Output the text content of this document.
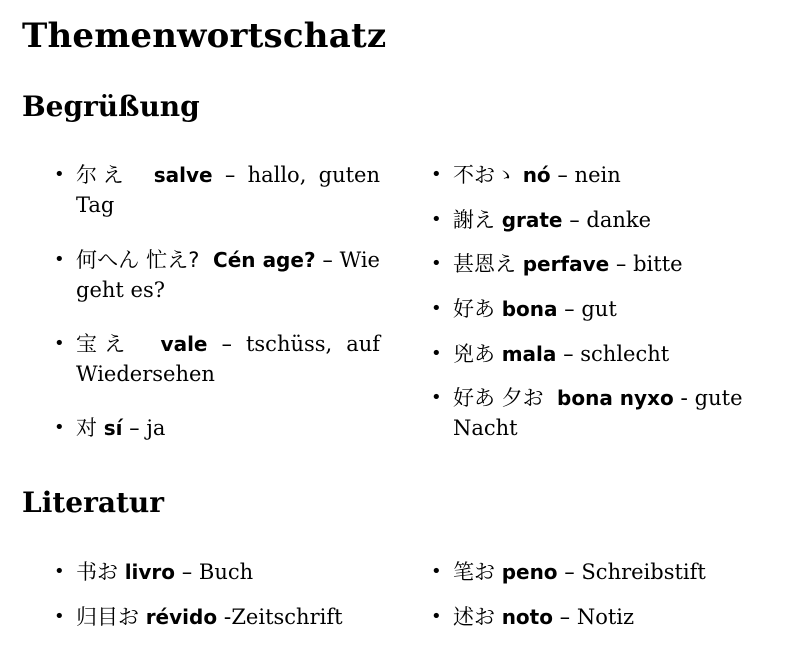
Themenwortschatz
Begrüßung
• 尔え salve – hallo, guten Tag
• 何へん 忙え? Cén age? – Wie geht es?
• 宝え vale – tschüss, auf Wiedersehen
• 对 sí – ja
• 不おゝ nó – nein
• 謝え grate – danke
• 甚恩え perfave – bitte
• 好あ bona – gut
• 兇あ mala – schlecht
• 好あ 夕お bona nyxo - gute Nacht
Literatur
• 书お livro – Buch
• 归目お révido -Zeitschrift
• 笔お peno – Schreibstift
• 述お noto – Notiz
